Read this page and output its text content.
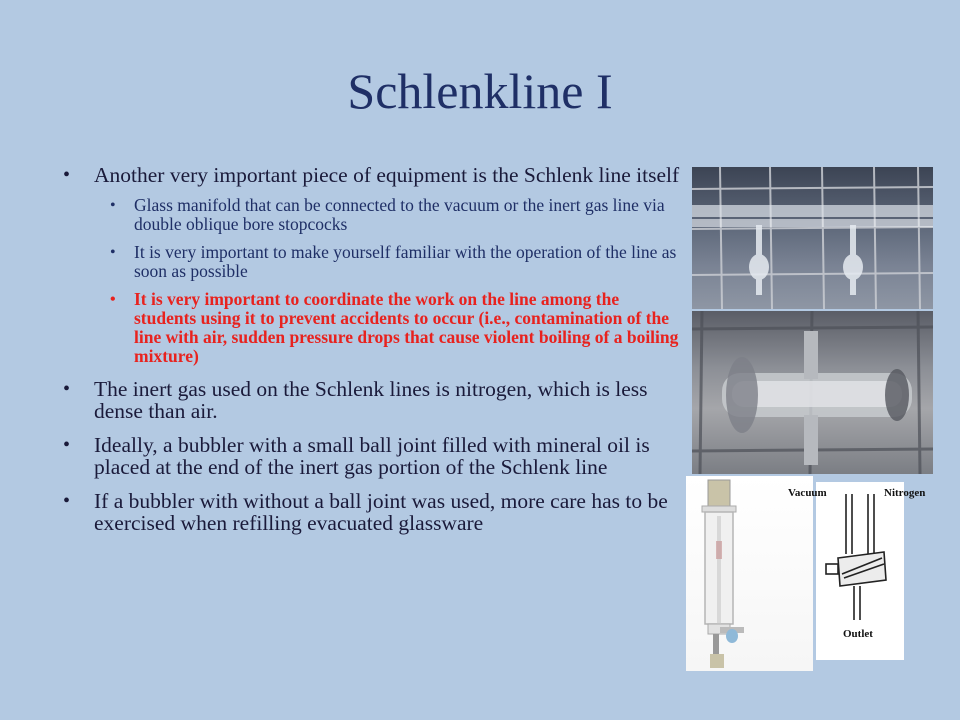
Schlenkline I
• Another very important piece of equipment is the Schlenk line itself
• Glass manifold that can be connected to the vacuum or the inert gas line via double oblique bore stopcocks
• It is very important to make yourself familiar with the operation of the line as soon as possible
• It is very important to coordinate the work on the line among the students using it to prevent accidents to occur (i.e., contamination of the line with air, sudden pressure drops that cause violent boiling of a boiling mixture)
• The inert gas used on the Schlenk lines is nitrogen, which is less dense than air.
• Ideally, a bubbler with a small ball joint filled with mineral oil is placed at the end of the inert gas portion of the Schlenk line
• If a bubbler with without a ball joint was used, more care has to be exercised when refilling evacuated glassware
Vacuum	Nitrogen
Outlet
